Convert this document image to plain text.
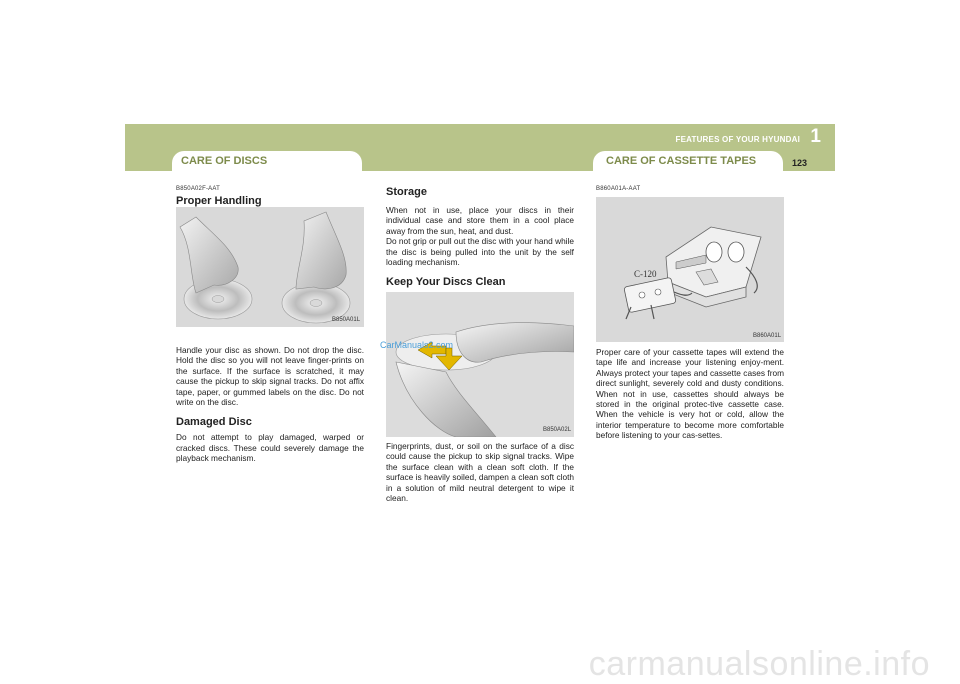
FEATURES OF YOUR HYUNDAI 1
CARE OF DISCS	CARE OF CASSETTE TAPES	123
B850A02F-AAT
Proper Handling
B850A01L

Handle your disc as shown. Do not drop the disc. Hold the disc so you will not leave finger-prints on the surface. If the surface is scratched, it may cause the pickup to skip signal tracks. Do not affix tape, paper, or gummed labels on the disc. Do not write on the disc.

Damaged Disc

Do not attempt to play damaged, warped or cracked discs. These could severely damage the playback mechanism.

Storage

When not in use, place your discs in their individual case and store them in a cool place away from the sun, heat, and dust.

Do not grip or pull out the disc with your hand while the disc is being pulled into the unit by the self loading mechanism.

Keep Your Discs Clean
CarManuals2.com
B850A02L

Fingerprints, dust, or soil on the surface of a disc could cause the pickup to skip signal tracks. Wipe the surface clean with a clean soft cloth. If the surface is heavily soiled, dampen a clean soft cloth in a solution of mild neutral detergent to wipe it clean.

B860A01A-AAT
C-120
B860A01L

Proper care of your cassette tapes will extend the tape life and increase your listening enjoy-ment. Always protect your tapes and cassette cases from direct sunlight, severely cold and dusty conditions. When not in use, cassettes should always be stored in the original protec-tive cassette case. When the vehicle is very hot or cold, allow the interior temperature to become more comfortable before listening to your cas-settes.

carmanualsonline.info
